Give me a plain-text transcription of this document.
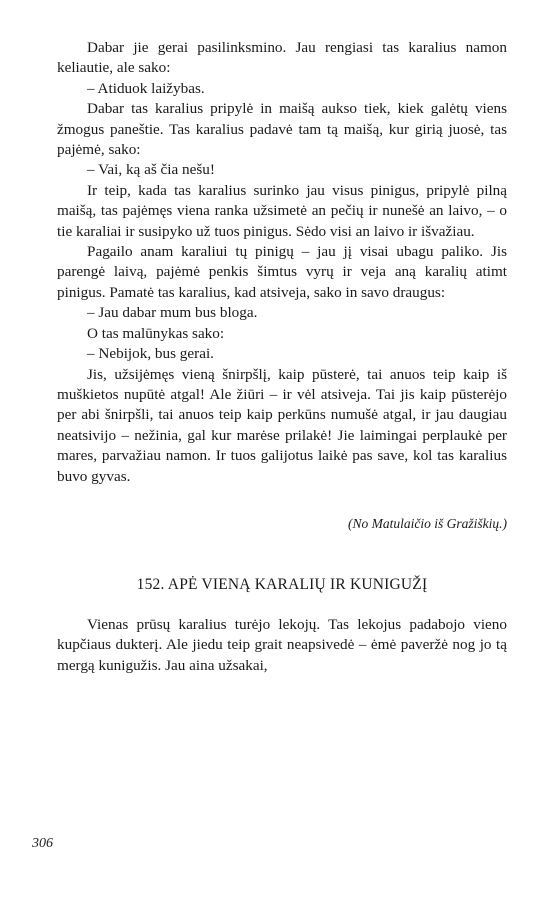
Dabar jie gerai pasilinksmino. Jau rengiasi tas karalius namon keliautie, ale sako:

– Atiduok laižybas.

Dabar tas karalius pripylė in maišą aukso tiek, kiek galėtų viens žmogus paneštie. Tas karalius padavė tam tą maišą, kur girią juosė, tas pajėmė, sako:

– Vai, ką aš čia nešu!

Ir teip, kada tas karalius surinko jau visus pinigus, pripylė pilną maišą, tas pajėmęs viena ranka užsimetė an pečių ir nunešė an laivo, – o tie karaliai ir susipyko už tuos pinigus. Sėdo visi an laivo ir išvažiau.

Pagailo anam karaliui tų pinigų – jau jį visai ubagu paliko. Jis parengė laivą, pajėmė penkis šimtus vyrų ir veja aną karalių atimt pinigus. Pamatė tas karalius, kad atsiveja, sako in savo draugus:

– Jau dabar mum bus bloga.

O tas malūnykas sako:

– Nebijok, bus gerai.

Jis, užsijėmęs vieną šnirpšlį, kaip pūsterė, tai anuos teip kaip iš muškietos nupūtė atgal! Ale žiūri – ir vėl atsiveja. Tai jis kaip pūsterėjo per abi šnirpšli, tai anuos teip kaip perkūns numušė atgal, ir jau daugiau neatsivijo – nežinia, gal kur marėse prilakė! Jie laimingai perplaukė per mares, parvažiau namon. Ir tuos galijotus laikė pas save, kol tas karalius buvo gyvas.

(No Matulaičio iš Gražiškių.)
152. APĖ VIENĄ KARALIŲ IR KUNIGUŽĮ

Vienas prūsų karalius turėjo lekojų. Tas lekojus padabojo vieno kupčiaus dukterį. Ale jiedu teip grait neapsivedė – ėmė paveržė nog jo tą mergą kunigužis. Jau aina užsakai,

306
